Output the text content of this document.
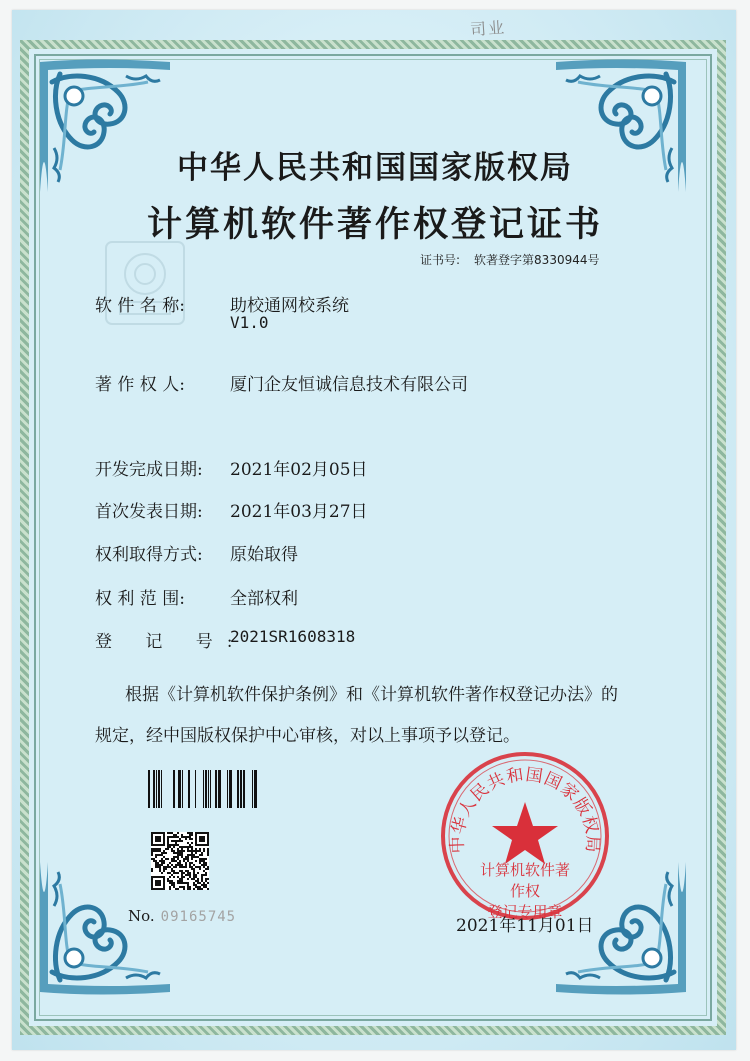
司业
中华人民共和国国家版权局
计算机软件著作权登记证书
证书号: 软著登字第8330944号
软 件 名 称:	助校通网校系统
V1.0
著 作 权 人:	厦门企友恒诚信息技术有限公司
开发完成日期: 2021年02月05日
首次发表日期: 2021年03月27日
权利取得方式: 原始取得
权 利 范 围:	全部权利
登 记 号:
2021SR1608318
根据《计算机软件保护条例》和《计算机软件著作权登记办法》的
规定，经中国版权保护中心审核，对以上事项予以登记。
No. 09165745
中华人民共和国国家版权局
计算机软件著作权
登记专用章
2021年11月01日
